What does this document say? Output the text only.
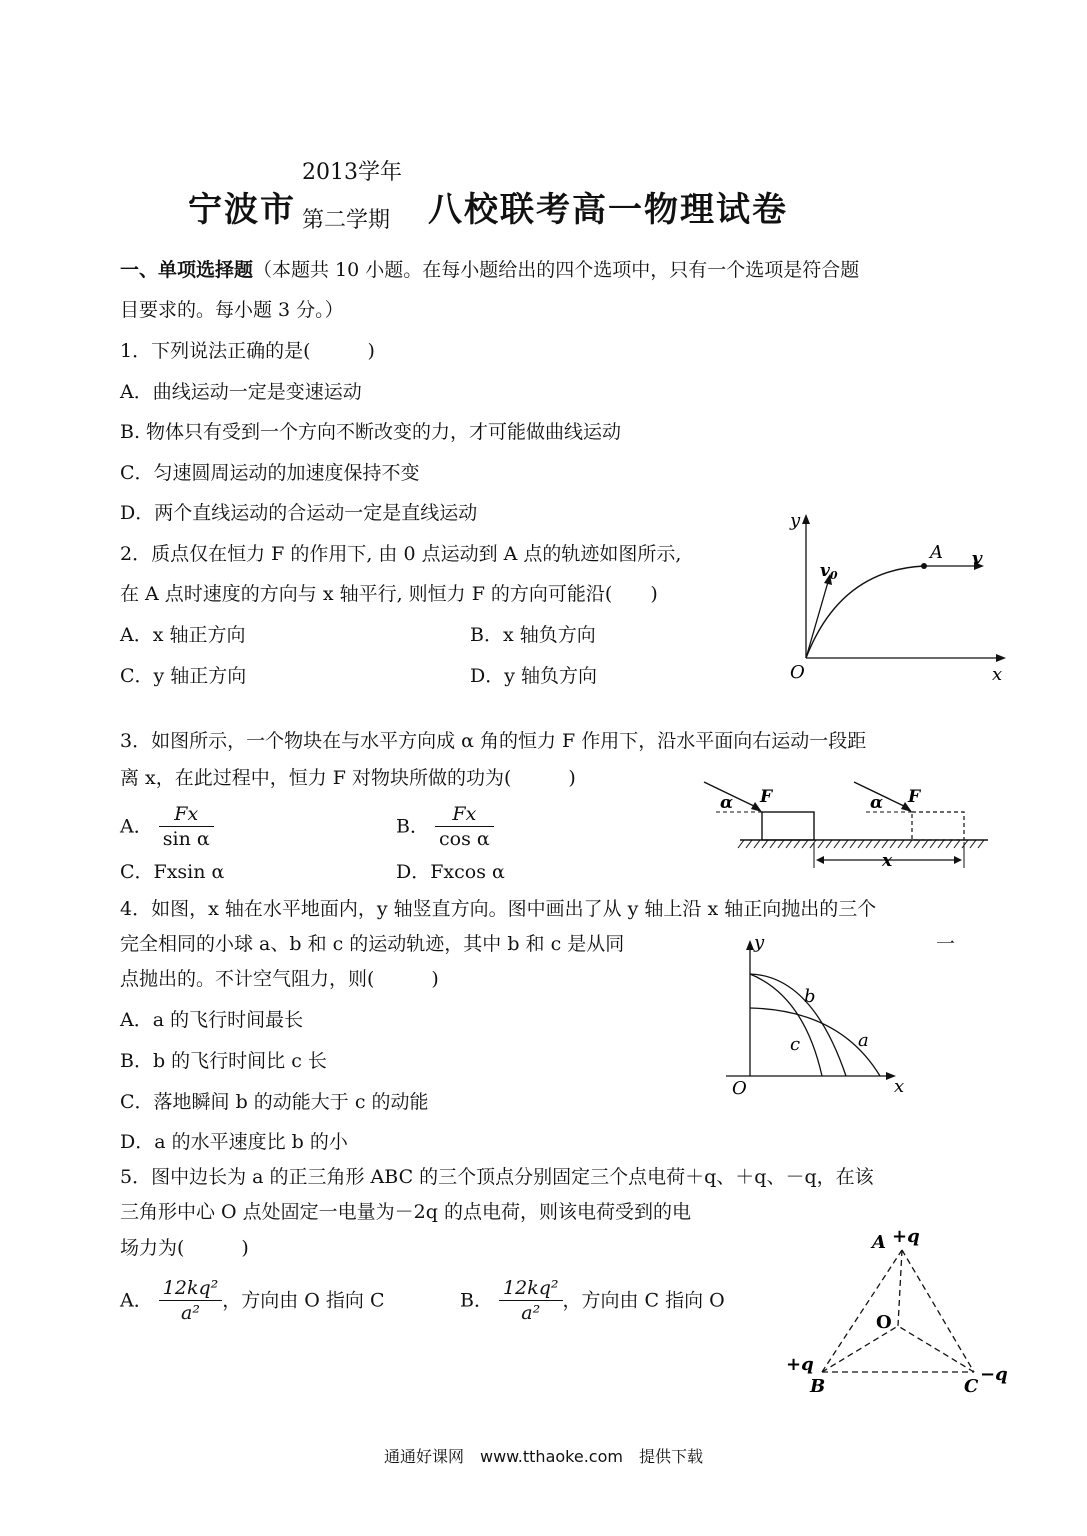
宁波市
2013学年
第二学期 八校联考高一物理试卷
一、单项选择题（本题共 10 小题。在每小题给出的四个选项中，只有一个选项是符合题
目要求的。每小题 3 分。）
1．下列说法正确的是(　　　)
A．曲线运动一定是变速运动
B. 物体只有受到一个方向不断改变的力，才可能做曲线运动
C．匀速圆周运动的加速度保持不变
D．两个直线运动的合运动一定是直线运动
2．质点仅在恒力 F 的作用下, 由 0 点运动到 A 点的轨迹如图所示,
在 A 点时速度的方向与 x 轴平行, 则恒力 F 的方向可能沿(　　)
A．x 轴正方向	B．x 轴负方向
C．y 轴正方向	D．y 轴负方向
y
x
O
A v
v0
3．如图所示，一个物块在与水平方向成 α 角的恒力 F 作用下，沿水平面向右运动一段距
离 x，在此过程中，恒力 F 对物块所做的功为(　　　)
A． $\frac{Fx}{\text{sin α}}$	B． $\frac{Fx}{\text{cos α}}$
C．Fxsin α	D．Fxcos α
α F	α F
x
4．如图，x 轴在水平地面内，y 轴竖直方向。图中画出了从 y 轴上沿 x 轴正向抛出的三个
完全相同的小球 a、b 和 c 的运动轨迹，其中 b 和 c 是从同	一
点抛出的。不计空气阻力，则(　　　)
A．a 的飞行时间最长
B．b 的飞行时间比 c 长
C．落地瞬间 b 的动能大于 c 的动能
D．a 的水平速度比 b 的小
y
x
O
b
c	a
5．图中边长为 a 的正三角形 ABC 的三个顶点分别固定三个点电荷＋q、＋q、－q，在该
三角形中心 O 点处固定一电量为－2q 的点电荷，则该电荷受到的电
场力为(　　　)
A． $\frac{\text{12kq²}}{\text{a²}}$ ，方向由 O 指向 C	B． $\frac{\text{12kq²}}{\text{a²}}$ ，方向由 C 指向 O
A +q
+q
B	C
−q
O
通通好课网　www.tthaoke.com　提供下载
